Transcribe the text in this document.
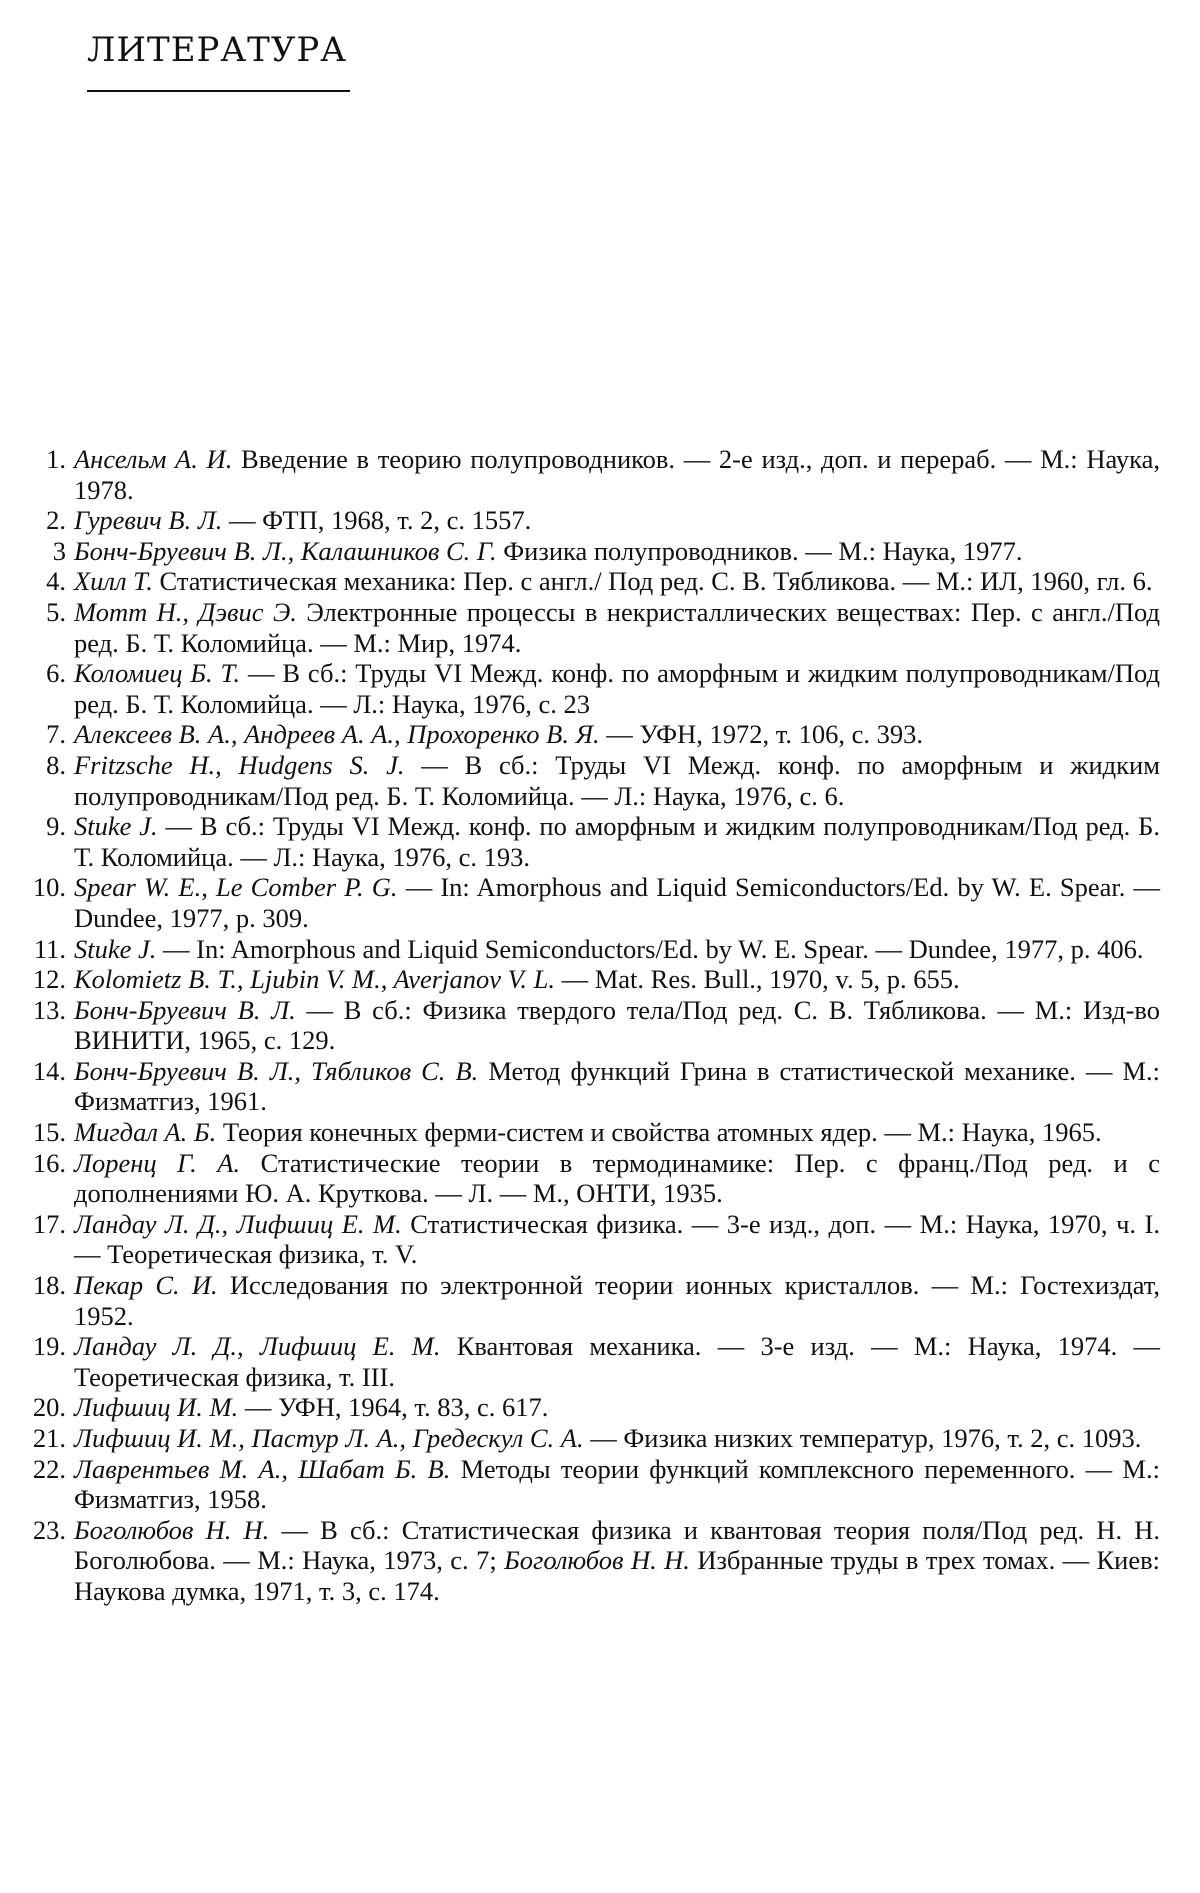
ЛИТЕРАТУРА
1. Ансельм А. И. Введение в теорию полупроводников. — 2-е изд., доп. и перераб. — М.: Наука, 1978.
2. Гуревич В. Л. — ФТП, 1968, т. 2, с. 1557.
3 Бонч-Бруевич В. Л., Калашников С. Г. Физика полупроводников. — М.: Наука, 1977.
4. Хилл Т. Статистическая механика: Пер. с англ./ Под ред. С. В. Тябликова. — М.: ИЛ, 1960, гл. 6.
5. Мотт Н., Дэвис Э. Электронные процессы в некристаллических веществах: Пер. с англ./Под ред. Б. Т. Коломийца. — М.: Мир, 1974.
6. Коломиец Б. Т. — В сб.: Труды VI Межд. конф. по аморфным и жидким полупроводникам/Под ред. Б. Т. Коломийца. — Л.: Наука, 1976, с. 23
7. Алексеев В. А., Андреев А. А., Прохоренко В. Я. — УФН, 1972, т. 106, с. 393.
8. Fritzsche H., Hudgens S. J. — В сб.: Труды VI Межд. конф. по аморфным и жидким полупроводникам/Под ред. Б. Т. Коломийца. — Л.: Наука, 1976, с. 6.
9. Stuke J. — В сб.: Труды VI Межд. конф. по аморфным и жидким полупроводникам/Под ред. Б. Т. Коломийца. — Л.: Наука, 1976, с. 193.
10. Spear W. E., Le Comber P. G. — In: Amorphous and Liquid Semiconductors/Ed. by W. E. Spear. — Dundee, 1977, p. 309.
11. Stuke J. — In: Amorphous and Liquid Semiconductors/Ed. by W. E. Spear. — Dundee, 1977, p. 406.
12. Kolomietz B. T., Ljubin V. M., Averjanov V. L. — Mat. Res. Bull., 1970, v. 5, p. 655.
13. Бонч-Бруевич В. Л. — В сб.: Физика твердого тела/Под ред. С. В. Тябликова. — М.: Изд-во ВИНИТИ, 1965, с. 129.
14. Бонч-Бруевич В. Л., Тябликов С. В. Метод функций Грина в статистической механике. — М.: Физматгиз, 1961.
15. Мигдал А. Б. Теория конечных ферми-систем и свойства атомных ядер. — М.: Наука, 1965.
16. Лоренц Г. А. Статистические теории в термодинамике: Пер. с франц./Под ред. и с дополнениями Ю. А. Круткова. — Л. — М., ОНТИ, 1935.
17. Ландау Л. Д., Лифшиц Е. М. Статистическая физика. — 3-е изд., доп. — М.: Наука, 1970, ч. I. — Теоретическая физика, т. V.
18. Пекар С. И. Исследования по электронной теории ионных кристаллов. — М.: Гостехиздат, 1952.
19. Ландау Л. Д., Лифшиц Е. М. Квантовая механика. — 3-е изд. — М.: Наука, 1974. — Теоретическая физика, т. III.
20. Лифшиц И. М. — УФН, 1964, т. 83, с. 617.
21. Лифшиц И. М., Пастур Л. А., Гредескул С. А. — Физика низких температур, 1976, т. 2, с. 1093.
22. Лаврентьев М. А., Шабат Б. В. Методы теории функций комплексного переменного. — М.: Физматгиз, 1958.
23. Боголюбов Н. Н. — В сб.: Статистическая физика и квантовая теория поля/Под ред. Н. Н. Боголюбова. — М.: Наука, 1973, с. 7; Боголюбов Н. Н. Избранные труды в трех томах. — Киев: Наукова думка, 1971, т. 3, с. 174.
